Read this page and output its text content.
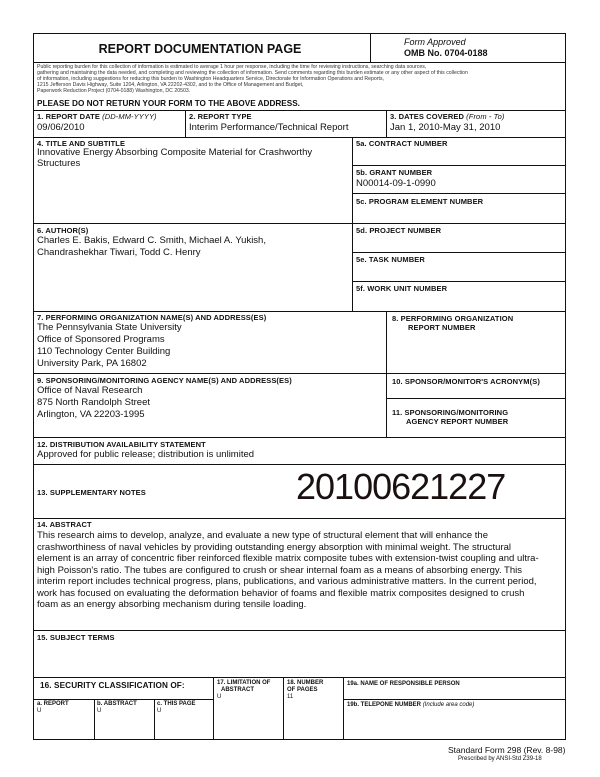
REPORT DOCUMENTATION PAGE	Form Approved
OMB No. 0704-0188
Public reporting burden for this collection of information is estimated to average 1 hour per response, including the time for reviewing instructions, searching data sources,
gathering and maintaining the data needed, and completing and reviewing the collection of information. Send comments regarding this burden estimate or any other aspect of this collection
of information, including suggestions for reducing this burden to Washington Headquarters Service, Directorate for Information Operations and Reports,
1215 Jefferson Davis Highway, Suite 1204, Arlington, VA 22202-4302, and to the Office of Management and Budget,
Paperwork Reduction Project (0704-0188) Washington, DC 20503.
PLEASE DO NOT RETURN YOUR FORM TO THE ABOVE ADDRESS.
1. REPORT DATE (DD-MM-YYYY)
09/06/2010
2. REPORT TYPE
Interim Performance/Technical Report
3. DATES COVERED (From - To)
Jan 1, 2010-May 31, 2010
4. TITLE AND SUBTITLE
Innovative Energy Absorbing Composite Material for Crashworthy
Structures
5a. CONTRACT NUMBER
5b. GRANT NUMBER
N00014-09-1-0990
5c. PROGRAM ELEMENT NUMBER
6. AUTHOR(S)
Charles E. Bakis, Edward C. Smith, Michael A. Yukish,
Chandrashekhar Tiwari, Todd C. Henry
5d. PROJECT NUMBER
5e. TASK NUMBER
5f. WORK UNIT NUMBER
7. PERFORMING ORGANIZATION NAME(S) AND ADDRESS(ES)
The Pennsylvania State University
Office of Sponsored Programs
110 Technology Center Building
University Park, PA 16802
8. PERFORMING ORGANIZATION
REPORT NUMBER
9. SPONSORING/MONITORING AGENCY NAME(S) AND ADDRESS(ES)
Office of Naval Research
875 North Randolph Street
Arlington, VA 22203-1995
10. SPONSOR/MONITOR'S ACRONYM(S)
11. SPONSORING/MONITORING
AGENCY REPORT NUMBER
12. DISTRIBUTION AVAILABILITY STATEMENT
Approved for public release; distribution is unlimited
13. SUPPLEMENTARY NOTES	20100621227
14. ABSTRACT
This research aims to develop, analyze, and evaluate a new type of structural element that will enhance the
crashworthiness of naval vehicles by providing outstanding energy absorption with minimal weight. The structural
element is an array of concentric fiber reinforced flexible matrix composite tubes with extension-twist coupling and ultra-
high Poisson's ratio. The tubes are configured to crush or shear internal foam as a means of absorbing energy. This
interim report includes technical progress, plans, publications, and various administrative matters. In the current period,
work has focused on evaluating the deformation behavior of foams and flexible matrix composites designed to crush
foam as an energy absorbing mechanism during tensile loading.
15. SUBJECT TERMS
16. SECURITY CLASSIFICATION OF:
a. REPORT
U
b. ABSTRACT
U
c. THIS PAGE
U
17. LIMITATION OF
ABSTRACT
U
18. NUMBER
OF PAGES
11
19a. NAME OF RESPONSIBLE PERSON
19b. TELEPONE NUMBER (Include area code)
Standard Form 298 (Rev. 8-98)
Prescribed by ANSI-Std Z39-18
